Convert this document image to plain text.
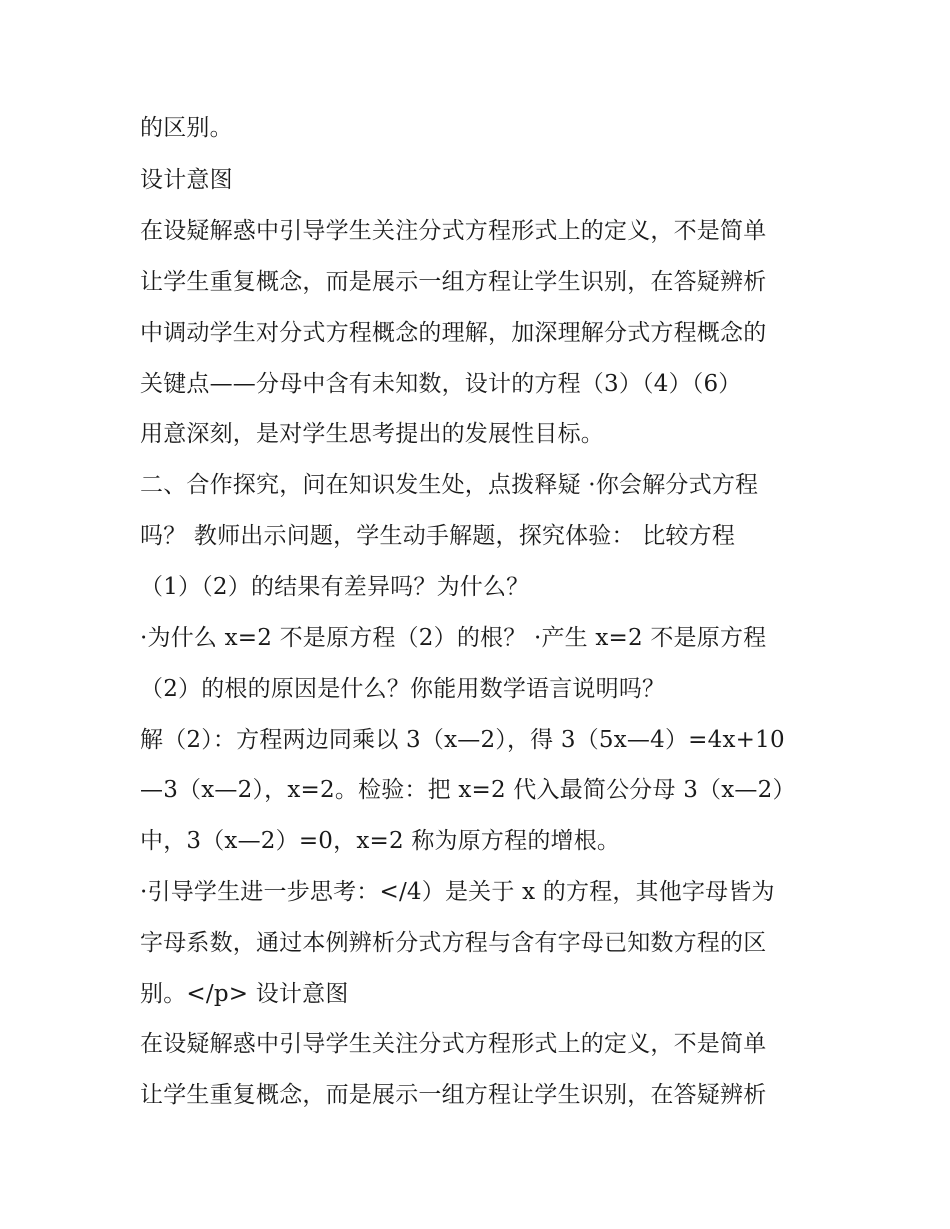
的区别。
设计意图
在设疑解惑中引导学生关注分式方程形式上的定义，不是简单
让学生重复概念，而是展示一组方程让学生识别，在答疑辨析
中调动学生对分式方程概念的理解，加深理解分式方程概念的
关键点——分母中含有未知数，设计的方程（3）（4）（6）
用意深刻，是对学生思考提出的发展性目标。
二、合作探究，问在知识发生处，点拨释疑 ·你会解分式方程
吗？ 教师出示问题，学生动手解题，探究体验： 比较方程
（1）（2）的结果有差异吗？为什么？
·为什么 x=2 不是原方程（2）的根？ ·产生 x=2 不是原方程
（2）的根的原因是什么？你能用数学语言说明吗？
解（2）：方程两边同乘以 3（x—2），得 3（5x—4）=4x+10
—3（x—2），x=2。检验：把 x=2 代入最简公分母 3（x—2）
中，3（x—2）=0，x=2 称为原方程的增根。
·引导学生进一步思考：</4）是关于 x 的方程，其他字母皆为
字母系数，通过本例辨析分式方程与含有字母已知数方程的区
别。</p> 设计意图
在设疑解惑中引导学生关注分式方程形式上的定义，不是简单
让学生重复概念，而是展示一组方程让学生识别，在答疑辨析
